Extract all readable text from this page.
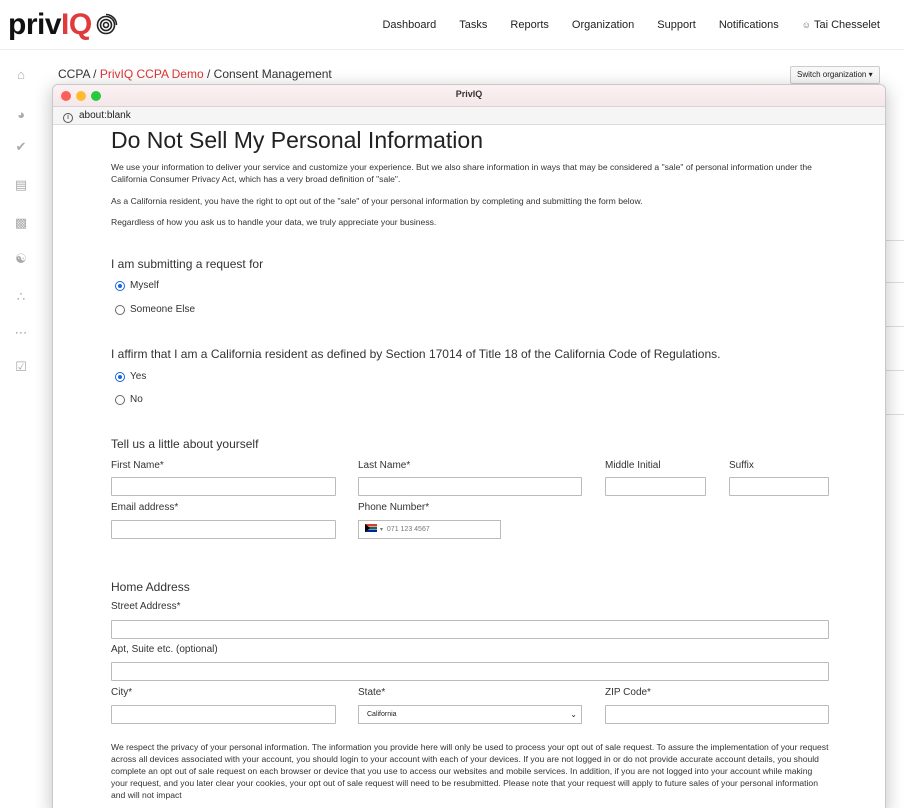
priv IQ	Dashboard Tasks Reports Organization Support Notifications
☺	Tai Chesselet
⌂
◕
✔
▤
▩
☯
∴
⋯
☑
CCPA / PrivIQ CCPA Demo / Consent Management	Switch organization ▾
PrivIQ
i about:blank
Do Not Sell My Personal Information
We use your information to deliver your service and customize your experience. But we also share information in ways that may be considered a "sale" of personal information under the California Consumer Privacy Act, which has a very broad definition of "sale".
As a California resident, you have the right to opt out of the "sale" of your personal information by completing and submitting the form below.
Regardless of how you ask us to handle your data, we truly appreciate your business.
I am submitting a request for
Myself
Someone Else
I affirm that I am a California resident as defined by Section 17014 of Title 18 of the California Code of Regulations.
Yes
No
Tell us a little about yourself
First Name*	Last Name*	Middle Initial	Suffix
Email address*	Phone Number*
▾ 071 123 4567
Home Address
Street Address*
Apt, Suite etc. (optional)
City*	State*	ZIP Code*
California	⌄
We respect the privacy of your personal information. The information you provide here will only be used to process your opt out of sale request. To assure the implementation of your request across all devices associated with your account, you should login to your account with each of your devices. If you are not logged in or do not provide accurate account details, you should complete an opt out of sale request on each browser or device that you use to access our websites and mobile services. In addition, if you are not logged into your account while making your request, and you later clear your cookies, your opt out of sale request will need to be resubmitted. Please note that your request will apply to future sales of your personal information and will not impact
